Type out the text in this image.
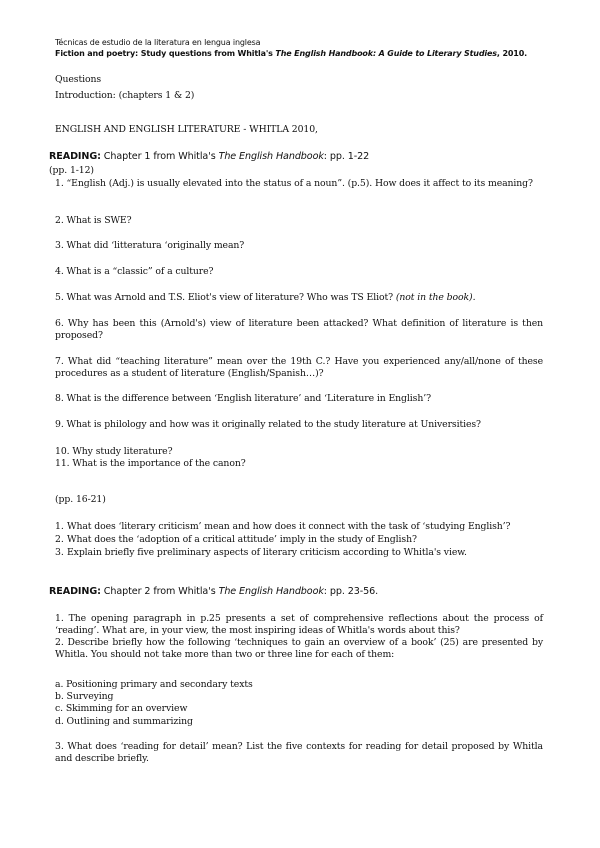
Técnicas de estudio de la literatura en lengua inglesa
Fiction and poetry: Study questions from Whitla's The English Handbook: A Guide to Literary Studies, 2010.
Questions
Introduction: (chapters 1 & 2)
ENGLISH AND ENGLISH LITERATURE - WHITLA 2010,
READING: Chapter 1 from Whitla's The English Handbook: pp. 1-22
(pp. 1-12)
1. “English (Adj.) is usually elevated into the status of a noun”. (p.5). How does it affect to its meaning?
2. What is SWE?
3. What did ‘litteratura ‘originally mean?
4. What is a “classic” of a culture?
5. What was Arnold and T.S. Eliot's view of literature? Who was TS Eliot? (not in the book).
6. Why has been this (Arnold's) view of literature been attacked? What definition of literature is then proposed?
7. What did “teaching literature” mean over the 19th C.? Have you experienced any/all/none of these procedures as a student of literature (English/Spanish…)?
8. What is the difference between ‘English literature’ and ‘Literature in English’?
9. What is philology and how was it originally related to the study literature at Universities?
10. Why study literature?
11. What is the importance of the canon?
(pp. 16-21)
1. What does ‘literary criticism’ mean and how does it connect with the task of ‘studying English’?
2. What does the ‘adoption of a critical attitude’ imply in the study of English?
3. Explain briefly five preliminary aspects of literary criticism according to Whitla's view.
READING: Chapter 2 from Whitla's The English Handbook: pp. 23-56.
1. The opening paragraph in p.25 presents a set of comprehensive reflections about the process of ‘reading’. What are, in your view, the most inspiring ideas of Whitla's words about this?
2. Describe briefly how the following ‘techniques to gain an overview of a book’ (25) are presented by Whitla. You should not take more than two or three line for each of them:
a. Positioning primary and secondary texts
b. Surveying
c. Skimming for an overview
d. Outlining and summarizing
3. What does ‘reading for detail’ mean? List the five contexts for reading for detail proposed by Whitla and describe briefly.
